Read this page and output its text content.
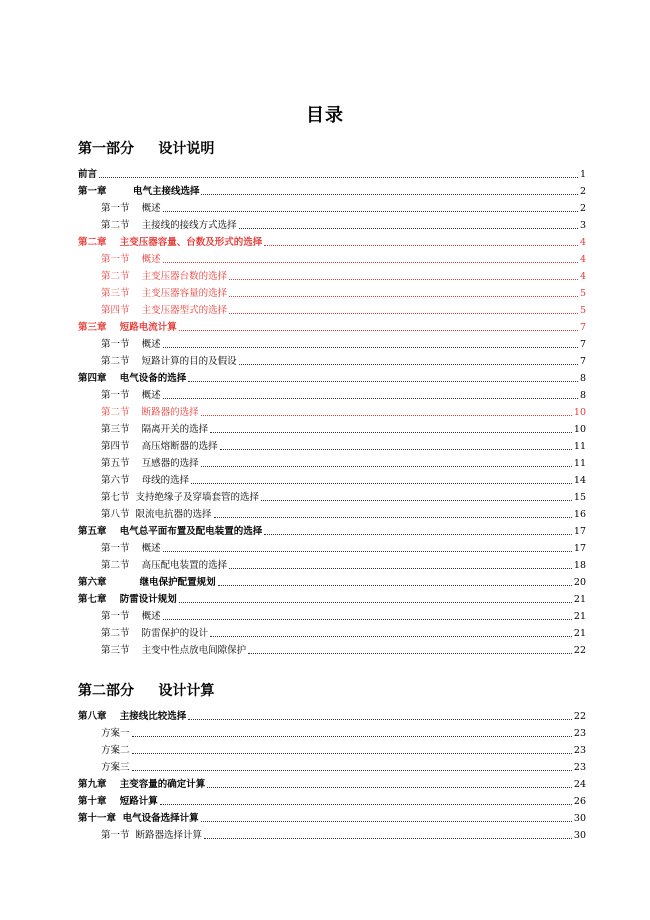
目录
第一部分     设计说明
第二部分     设计计算
前言	1
第一章        电气主接线选择	2
第一节    概述	2
第二节    主接线的接线方式选择	3
第二章    主变压器容量、台数及形式的选择	4
第一节    概述	4
第二节    主变压器台数的选择	4
第三节    主变压器容量的选择	5
第四节    主变压器型式的选择	5
第三章    短路电流计算	7
第一节    概述	7
第二节    短路计算的目的及假设	7
第四章    电气设备的选择	8
第一节    概述	8
第二节    断路器的选择	10
第三节    隔离开关的选择	10
第四节    高压熔断器的选择	11
第五节    互感器的选择	11
第六节    母线的选择	14
第七节  支持绝缘子及穿墙套管的选择	15
第八节  限流电抗器的选择	16
第五章    电气总平面布置及配电装置的选择	17
第一节    概述	17
第二节    高压配电装置的选择	18
第六章          继电保护配置规划	20
第七章    防雷设计规划	21
第一节    概述	21
第二节    防雷保护的设计	21
第三节    主变中性点放电间隙保护	22
第八章    主接线比较选择	22
方案一	23
方案二	23
方案三	23
第九章    主变容量的确定计算	24
第十章    短路计算	26
第十一章  电气设备选择计算	30
第一节  断路器选择计算	30
